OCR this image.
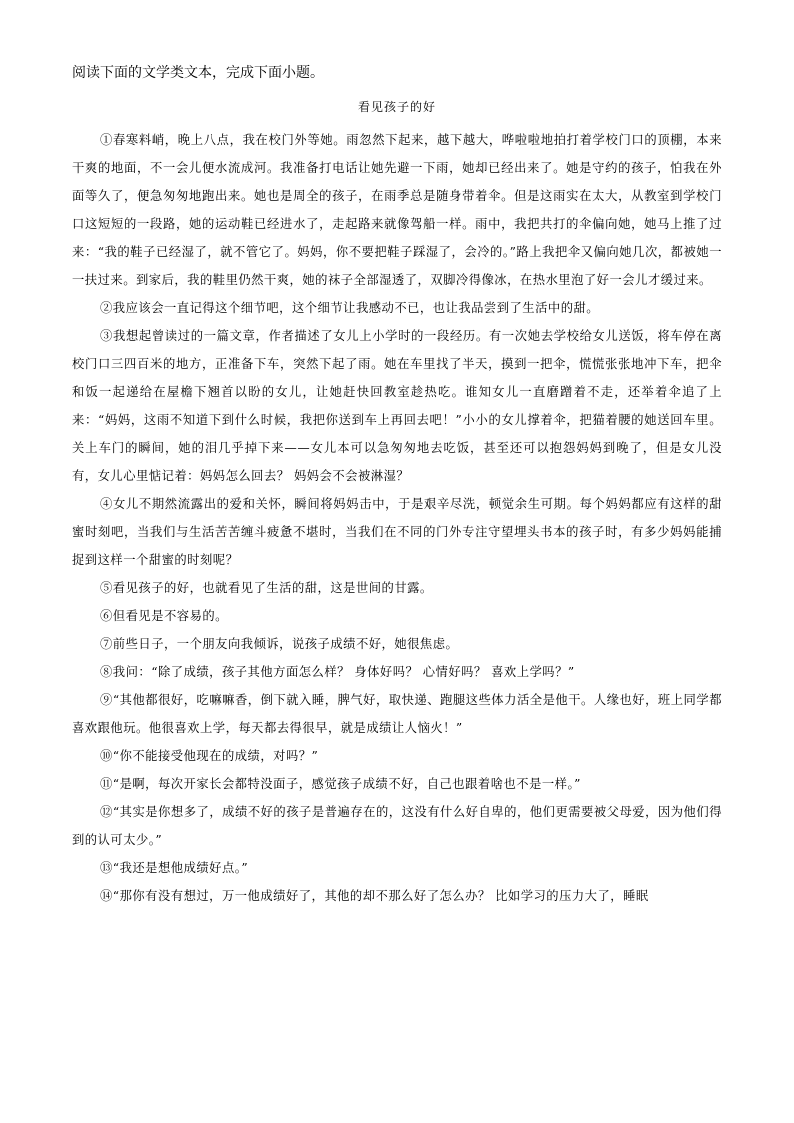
阅读下面的文学类文本，完成下面小题。
看见孩子的好

①春寒料峭，晚上八点，我在校门外等她。雨忽然下起来，越下越大，哗啦啦地拍打着学校门口的顶棚，本来干爽的地面，不一会儿便水流成河。我准备打电话让她先避一下雨，她却已经出来了。她是守约的孩子，怕我在外面等久了，便急匆匆地跑出来。她也是周全的孩子，在雨季总是随身带着伞。但是这雨实在太大，从教室到学校门口这短短的一段路，她的运动鞋已经进水了，走起路来就像驾船一样。雨中，我把共打的伞偏向她，她马上推了过来：“我的鞋子已经湿了，就不管它了。妈妈，你不要把鞋子踩湿了，会冷的。”路上我把伞又偏向她几次，都被她一一扶过来。到家后，我的鞋里仍然干爽，她的袜子全部湿透了，双脚冷得像冰，在热水里泡了好一会儿才缓过来。

②我应该会一直记得这个细节吧，这个细节让我感动不已，也让我品尝到了生活中的甜。

③我想起曾读过的一篇文章，作者描述了女儿上小学时的一段经历。有一次她去学校给女儿送饭，将车停在离校门口三四百米的地方，正准备下车，突然下起了雨。她在车里找了半天，摸到一把伞，慌慌张张地冲下车，把伞和饭一起递给在屋檐下翘首以盼的女儿，让她赶快回教室趁热吃。谁知女儿一直磨蹭着不走，还举着伞追了上来：“妈妈，这雨不知道下到什么时候，我把你送到车上再回去吧！”小小的女儿撑着伞，把猫着腰的她送回车里。关上车门的瞬间，她的泪几乎掉下来——女儿本可以急匆匆地去吃饭，甚至还可以抱怨妈妈到晚了，但是女儿没有，女儿心里惦记着：妈妈怎么回去？ 妈妈会不会被淋湿？

④女儿不期然流露出的爱和关怀，瞬间将妈妈击中，于是艰辛尽洗，顿觉余生可期。每个妈妈都应有这样的甜蜜时刻吧，当我们与生活苦苦缠斗疲惫不堪时，当我们在不同的门外专注守望埋头书本的孩子时，有多少妈妈能捕捉到这样一个甜蜜的时刻呢？

⑤看见孩子的好，也就看见了生活的甜，这是世间的甘露。

⑥但看见是不容易的。

⑦前些日子，一个朋友向我倾诉，说孩子成绩不好，她很焦虑。

⑧我问：“除了成绩，孩子其他方面怎么样？ 身体好吗？ 心情好吗？ 喜欢上学吗？”

⑨“其他都很好，吃嘛嘛香，倒下就入睡，脾气好，取快递、跑腿这些体力活全是他干。人缘也好，班上同学都喜欢跟他玩。他很喜欢上学，每天都去得很早，就是成绩让人恼火！”

⑩“你不能接受他现在的成绩，对吗？”

⑪“是啊，每次开家长会都特没面子，感觉孩子成绩不好，自己也跟着啥也不是一样。”

⑫“其实是你想多了，成绩不好的孩子是普遍存在的，这没有什么好自卑的，他们更需要被父母爱，因为他们得到的认可太少。”

⑬“我还是想他成绩好点。”

⑭“那你有没有想过，万一他成绩好了，其他的却不那么好了怎么办？ 比如学习的压力大了，睡眠
